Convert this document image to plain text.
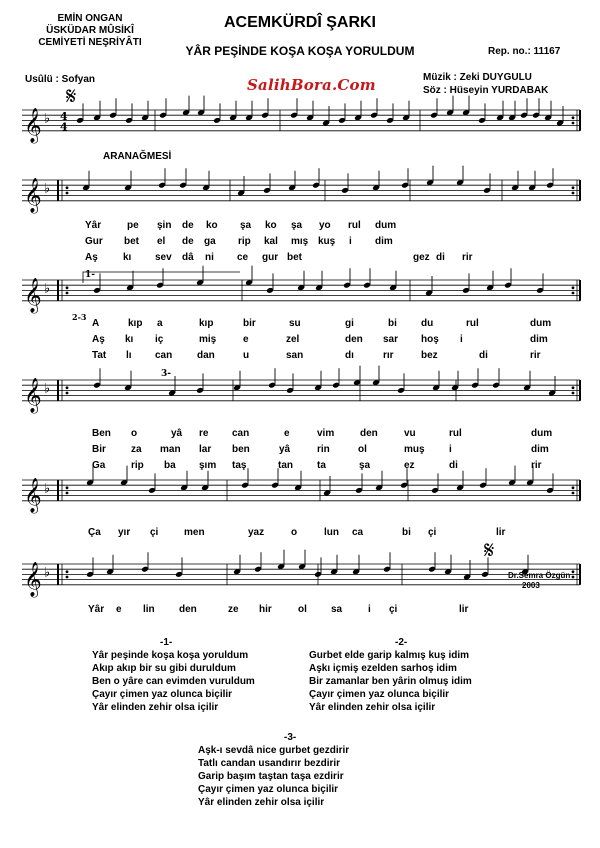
EMİN ONGAN
ÜSKÜDAR MÛSİKÎ
CEMİYETİ NEŞRİYÂTI
ACEMKÜRDÎ ŞARKI
YÂR PEŞİNDE KOŞA KOŞA YORULDUM	Rep. no.: 11167
Usûlü : Sofyan	Müzik : Zeki DUYGULU
Söz : Hüseyin YURDABAK
SalihBora.Com
𝄞 ♭
𝄞 ♭
𝄞 ♭
𝄞 ♭
𝄞 ♭
𝄞 ♭
4
4
𝄋
𝄋
ARANAĞMESİ
1-
2-3
3-
Dr.Semra Özgün
2003
Yâr	pe şin de ko şa ko şa yo rul dum
Gur bet el de ga rip kal mış kuş i dim
Aş	kı sev dâ ni ce gur bet	gez di rir
A	kıp a	kıp	bir	su	gi	bi du	rul	dum
Aş kı iç	miş	e	zel	den sar hoş i	dim
Tat lı can dan	u	san	dı	rır	bez	di	rir
Ben o	yâ re can	e	vim	den	vu	rul	dum
Bir	za man lar ben	yâ	rin	ol	muş i	dim
Ga	rip ba şım taş	tan ta	şa	ez	di	rir
Ça yır çi	men	yaz	o	lun ca	bi çi	lir
Yâr e lin den	ze hir	ol sa	i çi	lir
-1-
Yâr peşinde koşa koşa yoruldum
Akıp akıp bir su gibi duruldum
Ben o yâre can evimden vuruldum
Çayır çimen yaz olunca biçilir
Yâr elinden zehir olsa içilir
-2-
Gurbet elde garip kalmış kuş idim
Aşkı içmiş ezelden sarhoş idim
Bir zamanlar ben yârin olmuş idim
Çayır çimen yaz olunca biçilir
Yâr elinden zehir olsa içilir
-3-
Aşk-ı sevdâ nice gurbet gezdirir
Tatlı candan usandırır bezdirir
Garip başım taştan taşa ezdirir
Çayır çimen yaz olunca biçilir
Yâr elinden zehir olsa içilir
